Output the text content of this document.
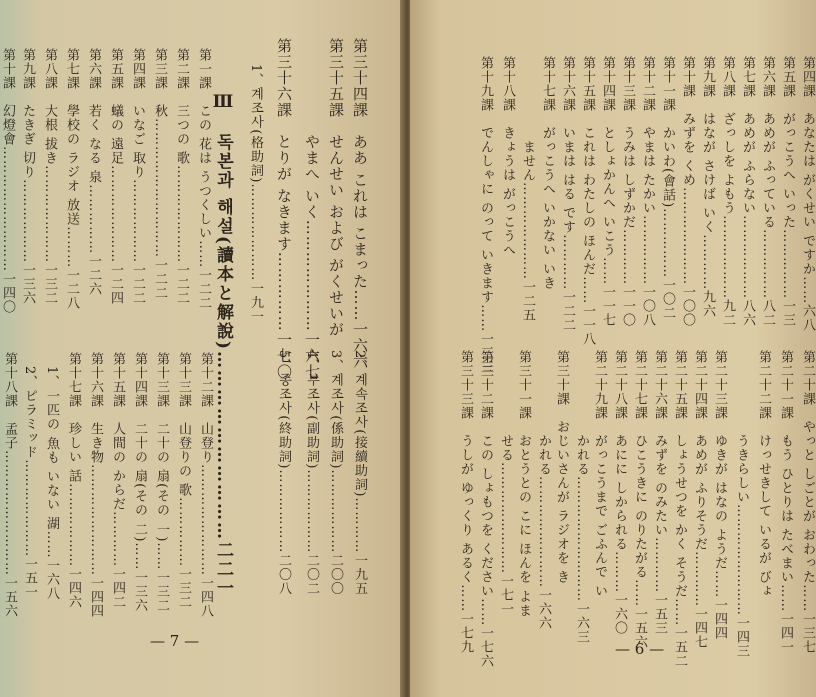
第三十四課　ああ これは こまった……一六六
第三十五課　せんせい および がくせいが
　　　　　　やまへ いく…………………一六七
第三十六課　とりが なきます……………一七〇
1、계조사(格助詞)…………………一九一
Ⅲ　독본과 해설(讀本と解說)…………………………二二一
第一課　この 花は うつくしい……一二二
第二課　三つの 歌…………………一二二
第三課　秋…………………………一二二
第四課　いなご 取り………………一二二
第五課　蟻の 遠足…………………一二四
第六課　若く なる 泉……………一二六
第七課　學校の ラジオ 放送………一二八
第八課　大根 拔き…………………一三二
第九課　たきぎ 切り………………一三六
第十課　幻燈會………………………一四〇
2、계속조사(接續助詞)…………一九五
3、계조사(係助詞)………………二〇〇
4、부조사(副助詞)………………二〇二
5、종조사(終助詞)………………二〇八
第十二課　山登り……………………一四八
第十三課　山登りの 歌……………一三二
第十三課　二十の 扇(その 一)……一三二
第十四課　二十の 扇(その 二)……一三六
第十五課　人間の からだ…………一四二
第十六課　生き物……………………一四四
第十七課　珍しい 話………………一四六
　1、一匹の 魚も いない 湖……一六八
　2、ピラミッド…………………一五一
第十八課　孟子………………………一五六
— 7 —
第四課　あなたは がくせい ですか……六八
第五課　がっこうへ いった……………一三
第六課　あめが ふっている……………八二
第七課　あめが ふらない………………八六
第八課　ざっしを よもう………………九二
第九課　はなが さけば いく…………九六
第十課　みずを くめ…………………一〇〇
第十一課　かいわ(會話)……………一〇二
第十二課　やまは たかい……………一〇八
第十三課　うみは しずかだ…………一一〇
第十四課　としょかんへ いこう……一一七
第十五課　これは わたしの ほんだ……一一八
第十六課　いまは はる です…………一二二
第十七課　がっこうへ いかない いき
　　　　　　ません…………………一二五
第十八課　きょうは がっこうへ
第十九課　でんしゃに のって いきます……一三三
第二十課　やっと しごとが おわった……一三七
第二十一課　もう ひとりは たべまい……一四一
第二十二課　けっせきして いるが びょ
　　　　　　うきらしい……………………一四三
第二十三課　ゆきが はなの ようだ……一四四
第二十四課　あめが ふりそうだ…………一四七
第二十五課　しょうせつを かく そうだ……一五二
第二十六課　みずを のみたい…………一五三
第二十七課　ひこうきに のりたがる……一五六
第二十八課　あにに しかられる………一六〇
第二十九課　がっこうまで ごふんで い
　　　　　　かれる………………………一六三
第三十課　おじいさんが ラジオを き
　　　　　　かれる……………………一六六
第三十一課　おとうとの こに ほんを よま
　　　　　　せる……………………一七一
第三十二課　この しょもつを ください……一七六
第三十三課　うしが ゆっくり あるく……一七九	— 6 —
